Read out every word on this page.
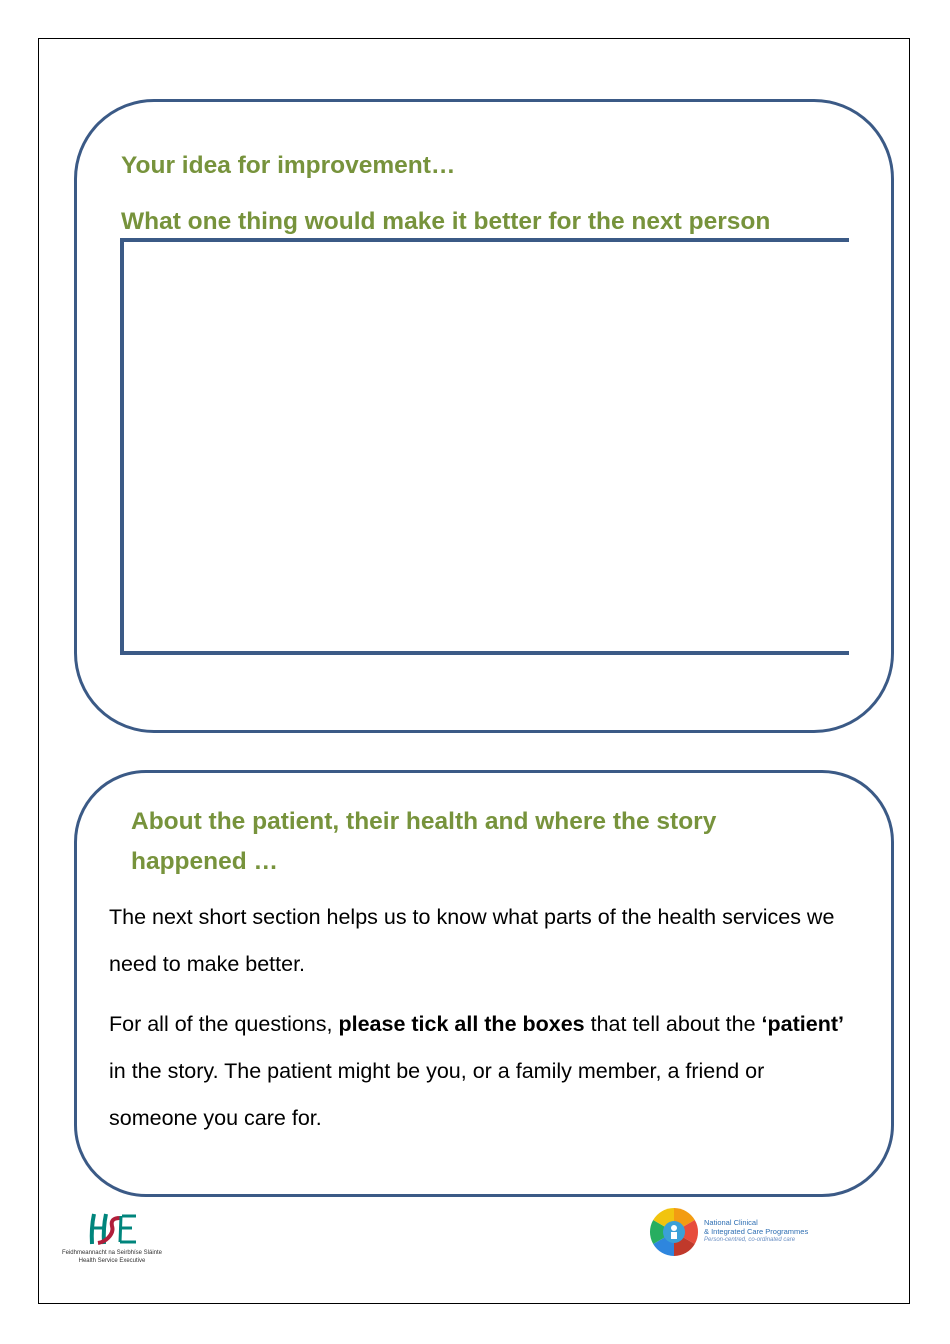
Your idea for improvement…
What one thing would make it better for the next person
About the patient, their health and where the story happened …
The next short section helps us to know what parts of the health services we need to make better.
For all of the questions, please tick all the boxes that tell about the ‘patient’ in the story. The patient might be you, or a family member, a friend or someone you care for.
Feidhmeannacht na Seirbhíse Sláinte
Health Service Executive
National Clinical
& Integrated Care Programmes
Person-centred, co-ordinated care
